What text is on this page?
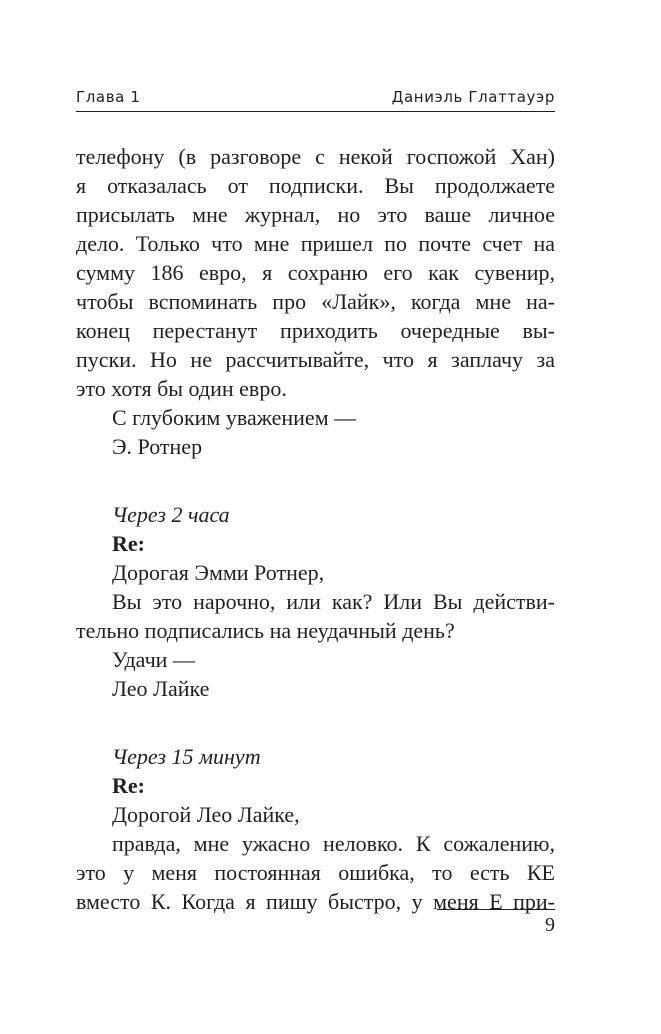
Глава 1	Даниэль Глаттауэр
телефону (в разговоре с некой госпожой Хан)
я отказалась от подписки. Вы продолжаете
присылать мне журнал, но это ваше личное
дело. Только что мне пришел по почте счет на
сумму 186 евро, я сохраню его как сувенир,
чтобы вспоминать про «Лайк», когда мне на-
конец перестанут приходить очередные вы-
пуски. Но не рассчитывайте, что я заплачу за
это хотя бы один евро.
С глубоким уважением —
Э. Ротнер
Через 2 часа
Re:
Дорогая Эмми Ротнер,
Вы это нарочно, или как? Или Вы действи-
тельно подписались на неудачный день?
Удачи —
Лео Лайке
Через 15 минут
Re:
Дорогой Лео Лайке,
правда, мне ужасно неловко. К сожалению,
это у меня постоянная ошибка, то есть КЕ
вместо К. Когда я пишу быстро, у меня Е при-
9
